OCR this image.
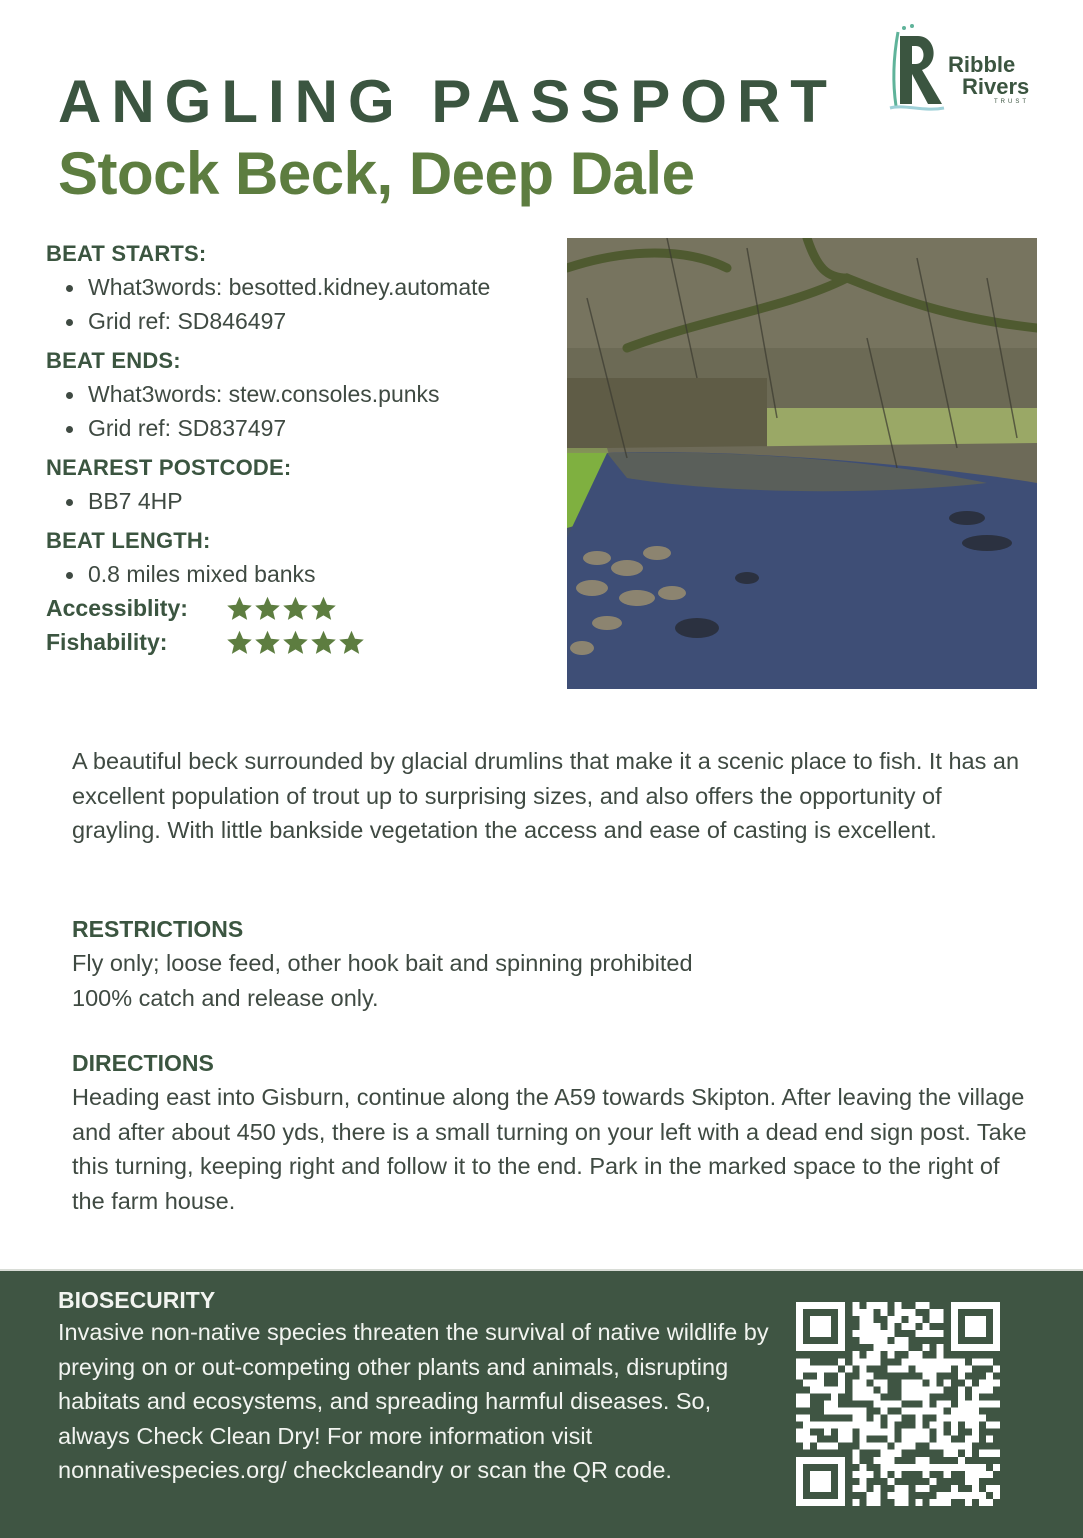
ANGLING PASSPORT
Stock Beck, Deep Dale
Ribble
Rivers
TRUST
BEAT STARTS:
What3words: besotted.kidney.automate
Grid ref: SD846497
BEAT ENDS:
What3words: stew.consoles.punks
Grid ref: SD837497
NEAREST POSTCODE:
BB7 4HP
BEAT LENGTH:
0.8 miles mixed banks
Accessiblity:
Fishability:

A beautiful beck surrounded by glacial drumlins that make it a scenic place to fish. It has an excellent population of trout up to surprising sizes, and also offers the opportunity of grayling. With little bankside vegetation the access and ease of casting is excellent.

RESTRICTIONS

Fly only; loose feed, other hook bait and spinning prohibited

100% catch and release only.

DIRECTIONS

Heading east into Gisburn, continue along the A59 towards Skipton. After leaving the village and after about 450 yds, there is a small turning on your left with a dead end sign post. Take this turning, keeping right and follow it to the end. Park in the marked space to the right of the farm house.

BIOSECURITY

Invasive non-native species threaten the survival of native wildlife by preying on or out-competing other plants and animals, disrupting habitats and ecosystems, and spreading harmful diseases. So, always Check Clean Dry! For more information visit nonnativespecies.org/ checkcleandry or scan the QR code.
